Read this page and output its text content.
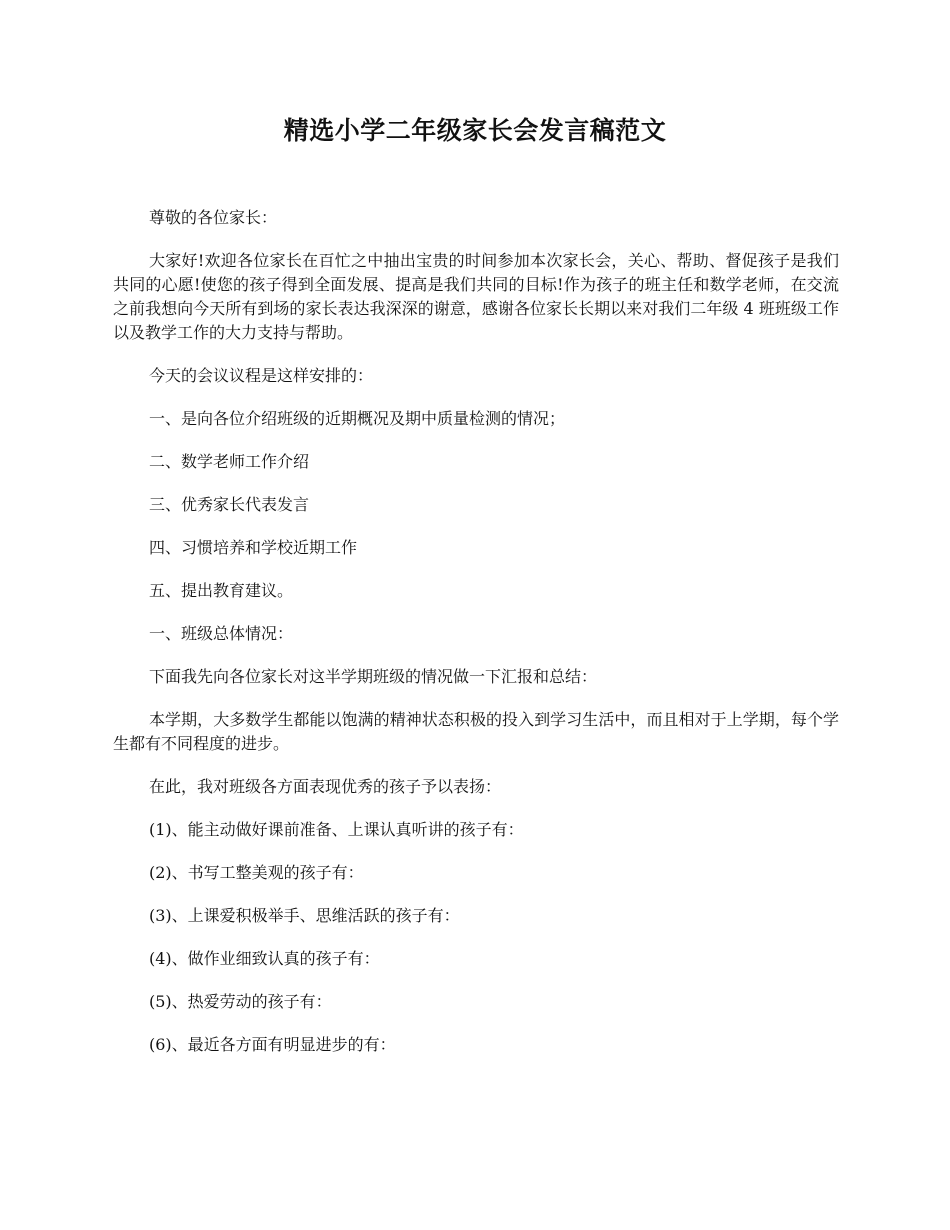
精选小学二年级家长会发言稿范文

尊敬的各位家长：

大家好!欢迎各位家长在百忙之中抽出宝贵的时间参加本次家长会，关心、帮助、督促孩子是我们共同的心愿!使您的孩子得到全面发展、提高是我们共同的目标!作为孩子的班主任和数学老师，在交流之前我想向今天所有到场的家长表达我深深的谢意，感谢各位家长长期以来对我们二年级 4 班班级工作以及教学工作的大力支持与帮助。

今天的会议议程是这样安排的：

一、是向各位介绍班级的近期概况及期中质量检测的情况；

二、数学老师工作介绍

三、优秀家长代表发言

四、习惯培养和学校近期工作

五、提出教育建议。

一、班级总体情况：

下面我先向各位家长对这半学期班级的情况做一下汇报和总结：

本学期，大多数学生都能以饱满的精神状态积极的投入到学习生活中，而且相对于上学期，每个学生都有不同程度的进步。

在此，我对班级各方面表现优秀的孩子予以表扬：

(1)、能主动做好课前准备、上课认真听讲的孩子有：

(2)、书写工整美观的孩子有：

(3)、上课爱积极举手、思维活跃的孩子有：

(4)、做作业细致认真的孩子有：

(5)、热爱劳动的孩子有：

(6)、最近各方面有明显进步的有：
